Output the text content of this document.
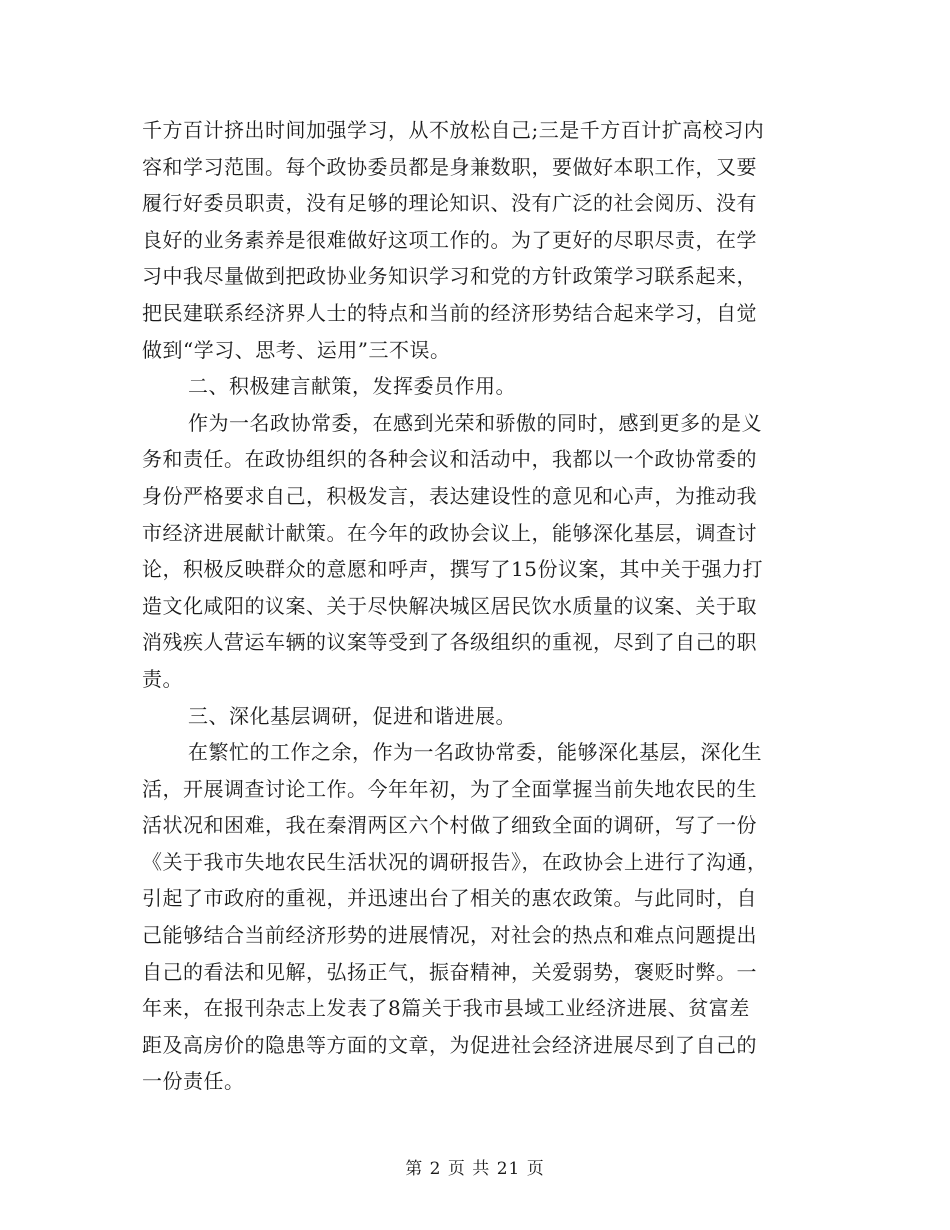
千方百计挤出时间加强学习，从不放松自己;三是千方百计扩高校习内
容和学习范围。每个政协委员都是身兼数职，要做好本职工作，又要
履行好委员职责，没有足够的理论知识、没有广泛的社会阅历、没有
良好的业务素养是很难做好这项工作的。为了更好的尽职尽责，在学
习中我尽量做到把政协业务知识学习和党的方针政策学习联系起来，
把民建联系经济界人士的特点和当前的经济形势结合起来学习，自觉
做到“学习、思考、运用”三不误。
二、积极建言献策，发挥委员作用。
作为一名政协常委，在感到光荣和骄傲的同时，感到更多的是义
务和责任。在政协组织的各种会议和活动中，我都以一个政协常委的
身份严格要求自己，积极发言，表达建设性的意见和心声，为推动我
市经济进展献计献策。在今年的政协会议上，能够深化基层，调查讨
论，积极反映群众的意愿和呼声，撰写了15份议案，其中关于强力打
造文化咸阳的议案、关于尽快解决城区居民饮水质量的议案、关于取
消残疾人营运车辆的议案等受到了各级组织的重视，尽到了自己的职
责。
三、深化基层调研，促进和谐进展。
在繁忙的工作之余，作为一名政协常委，能够深化基层，深化生
活，开展调查讨论工作。今年年初，为了全面掌握当前失地农民的生
活状况和困难，我在秦渭两区六个村做了细致全面的调研，写了一份
《关于我市失地农民生活状况的调研报告》，在政协会上进行了沟通，
引起了市政府的重视，并迅速出台了相关的惠农政策。与此同时，自
己能够结合当前经济形势的进展情况，对社会的热点和难点问题提出
自己的看法和见解，弘扬正气，振奋精神，关爱弱势，褒贬时弊。一
年来，在报刊杂志上发表了8篇关于我市县域工业经济进展、贫富差
距及高房价的隐患等方面的文章，为促进社会经济进展尽到了自己的
一份责任。
第 2 页 共 21 页
